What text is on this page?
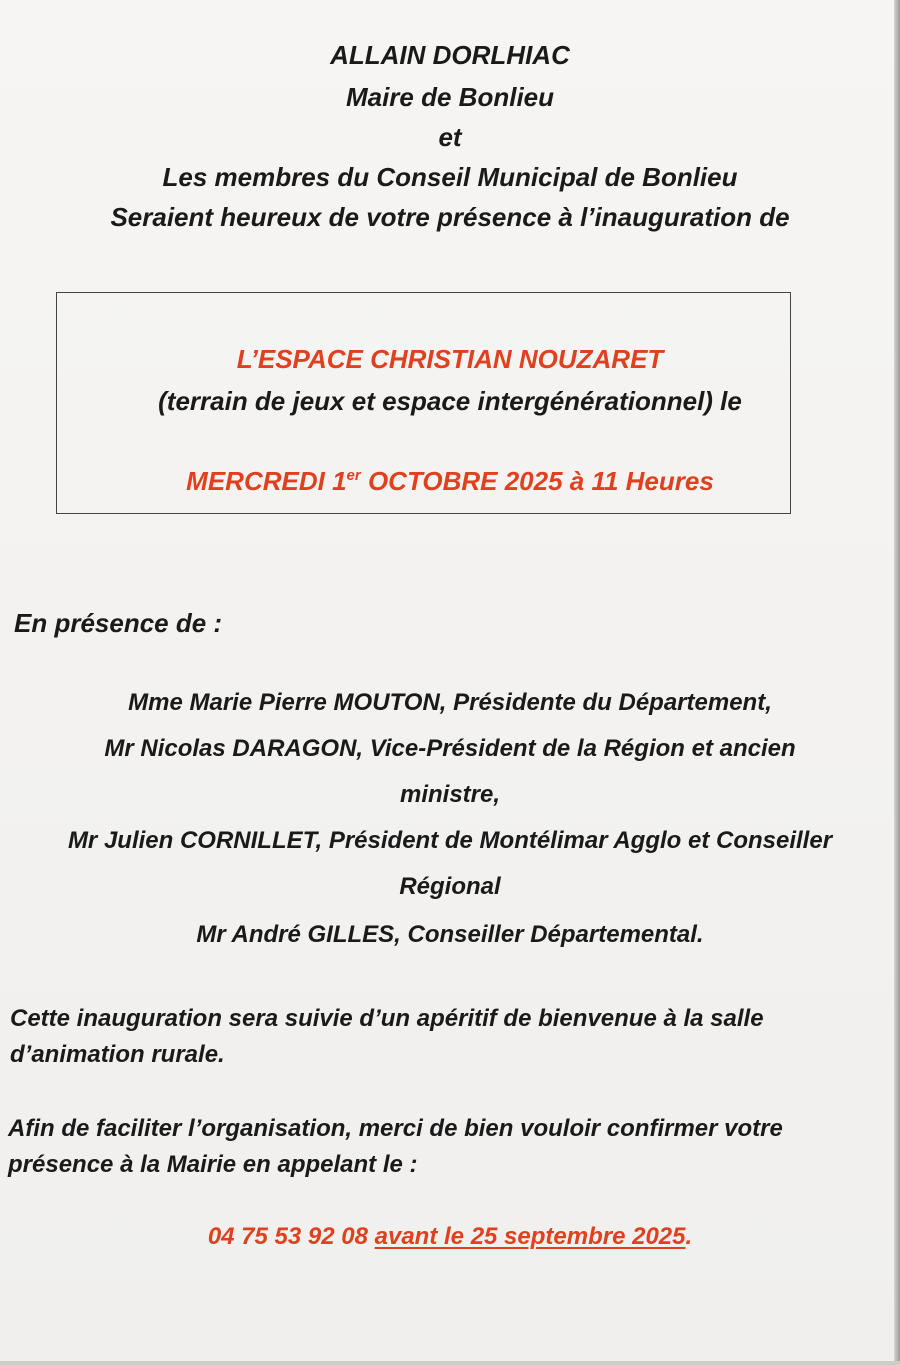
ALLAIN DORLHIAC
Maire de Bonlieu
et
Les membres du Conseil Municipal de Bonlieu
Seraient heureux de votre présence à l’inauguration de
L’ESPACE CHRISTIAN NOUZARET
(terrain de jeux et espace intergénérationnel) le
MERCREDI 1er OCTOBRE 2025 à 11 Heures
En présence de :
Mme Marie Pierre MOUTON, Présidente du Département,
Mr Nicolas DARAGON, Vice-Président de la Région et ancien
ministre,
Mr Julien CORNILLET, Président de Montélimar Agglo et Conseiller
Régional
Mr André GILLES, Conseiller Départemental.
Cette inauguration sera suivie d’un apéritif de bienvenue à la salle
d’animation rurale.
Afin de faciliter l’organisation, merci de bien vouloir confirmer votre
présence à la Mairie en appelant le :
04 75 53 92 08 avant le 25 septembre 2025.
